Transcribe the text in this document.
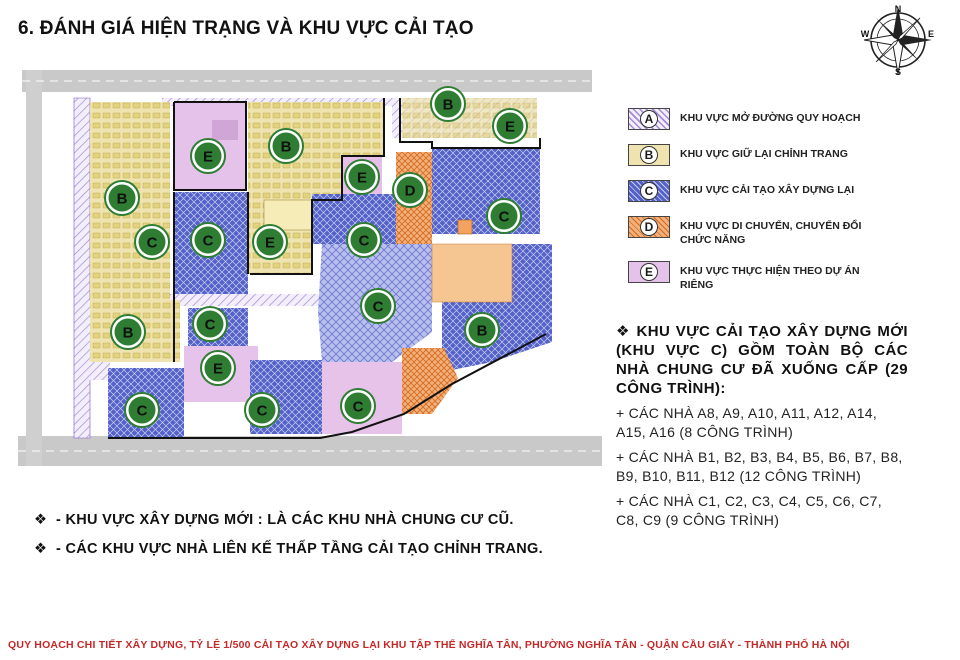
6. ĐÁNH GIÁ HIỆN TRẠNG VÀ KHU VỰC CẢI TẠO
N
S
E
W
B
E
B
E
B
E
D
C
B
C	C
C
C
B
C
E
C	C
E
C
A	KHU VỰC MỞ ĐƯỜNG QUY HOẠCH
B	KHU VỰC GIỮ LẠI CHỈNH TRANG
C	KHU VỰC CẢI TẠO XÂY DỰNG LẠI
D	KHU VỰC DI CHUYỂN, CHUYỂN ĐỔI CHỨC NĂNG
E	KHU VỰC THỰC HIỆN THEO DỰ ÁN RIÊNG
❖ KHU VỰC CẢI TẠO XÂY DỰNG MỚI (KHU VỰC C) GỒM TOÀN BỘ CÁC NHÀ CHUNG CƯ ĐÃ XUỐNG CẤP (29 CÔNG TRÌNH):
+ CÁC NHÀ A8, A9, A10, A11, A12, A14, A15, A16 (8 CÔNG TRÌNH)
+ CÁC NHÀ B1, B2, B3, B4, B5, B6, B7, B8, B9, B10, B11, B12 (12 CÔNG TRÌNH)
+ CÁC NHÀ C1, C2, C3, C4, C5, C6, C7, C8, C9 (9 CÔNG TRÌNH)
❖ - KHU VỰC XÂY DỰNG MỚI : LÀ CÁC KHU NHÀ CHUNG CƯ CŨ.
❖ - CÁC KHU VỰC NHÀ LIÊN KẾ THẤP TẦNG CẢI TẠO CHỈNH TRANG.
QUY HOẠCH CHI TIẾT XÂY DỰNG, TỶ LỆ 1/500 CẢI TẠO XÂY DỰNG LẠI KHU TẬP THỂ NGHĨA TÂN, PHƯỜNG NGHĨA TÂN - QUẬN CẦU GIẤY - THÀNH PHỐ HÀ NỘI
